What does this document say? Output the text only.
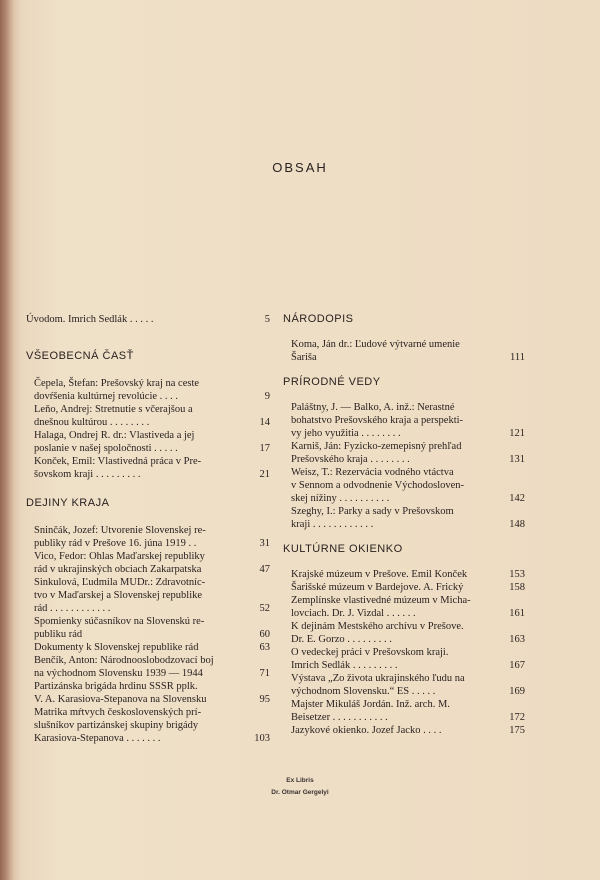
OBSAH
Úvodom. Imrich Sedlák . . . . .	5
VŠEOBECNÁ ČASŤ
Čepela, Štefan: Prešovský kraj na ceste
dovŕšenia kultúrnej revolúcie . . . .	9
Leňo, Andrej: Stretnutie s včerajšou a
dnešnou kultúrou . . . . . . . .	14
Halaga, Ondrej R. dr.: Vlastiveda a jej
poslanie v našej spoločnosti . . . . .	17
Konček, Emil: Vlastivedná práca v Pre-
šovskom kraji . . . . . . . . .	21
DEJINY KRAJA
Sninčák, Jozef: Utvorenie Slovenskej re-
publiky rád v Prešove 16. júna 1919 . .	31
Vico, Fedor: Ohlas Maďarskej republiky
rád v ukrajinských obciach Zakarpatska	47
Sinkulová, Ľudmila MUDr.: Zdravotníc-
tvo v Maďarskej a Slovenskej republike
rád . . . . . . . . . . . .	52
Spomienky súčasníkov na Slovenskú re-
publiku rád	60
Dokumenty k Slovenskej republike rád	63
Benčík, Anton: Národnooslobodzovací boj
na východnom Slovensku 1939 — 1944	71
Partizánska brigáda hrdinu SSSR pplk.
V. A. Karasiova-Stepanova na Slovensku	95
Matrika mŕtvych československých prí-
slušníkov partizánskej skupiny brigády
Karasiova-Stepanova . . . . . . .	103
NÁRODOPIS
Koma, Ján dr.: Ľudové výtvarné umenie
Šariša	111
PRÍRODNÉ VEDY
Paláštny, J. — Balko, A. inž.: Nerastné
bohatstvo Prešovského kraja a perspekti-
vy jeho využitia . . . . . . . .	121
Karniš, Ján: Fyzicko-zemepisný prehľad
Prešovského kraja . . . . . . . .	131
Weisz, T.: Rezervácia vodného vtáctva
v Sennom a odvodnenie Východosloven-
skej nížiny . . . . . . . . . .	142
Szeghy, I.: Parky a sady v Prešovskom
kraji . . . . . . . . . . . .	148
KULTÚRNE OKIENKO
Krajské múzeum v Prešove. Emil Konček	153
Šarišské múzeum v Bardejove. A. Frický	158
Zemplínske vlastivedné múzeum v Micha-
lovciach. Dr. J. Vizdal . . . . . .	161
K dejinám Mestského archívu v Prešove.
Dr. E. Gorzo . . . . . . . . .	163
O vedeckej práci v Prešovskom kraji.
Imrich Sedlák . . . . . . . . .	167
Výstava „Zo života ukrajinského ľudu na
východnom Slovensku.“ ES . . . . .	169
Majster Mikuláš Jordán. Inž. arch. M.
Beisetzer . . . . . . . . . . .	172
Jazykové okienko. Jozef Jacko . . . .	175
Ex Libris
Dr. Otmar Gergelyi
